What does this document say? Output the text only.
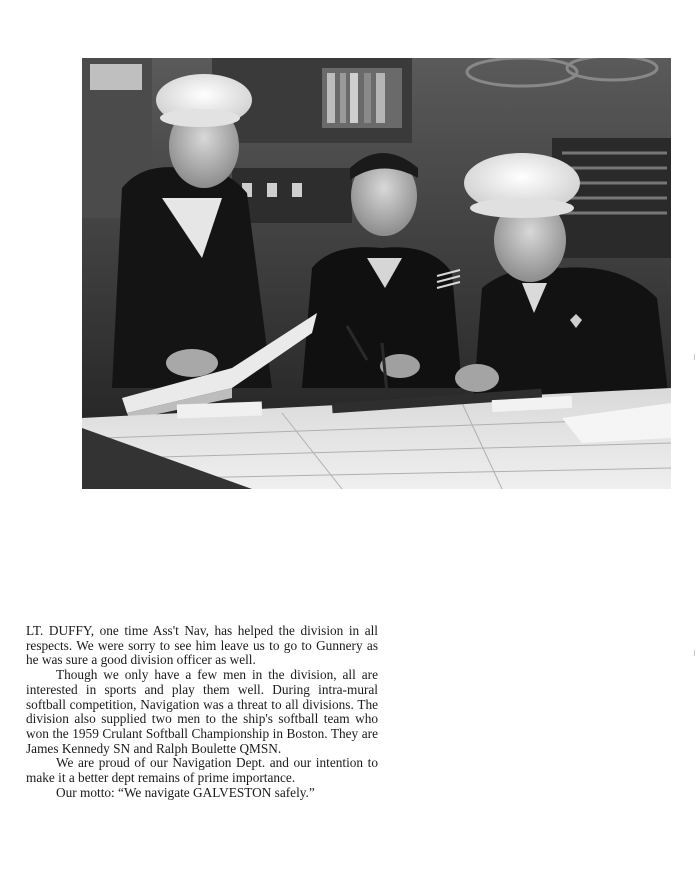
LT. DUFFY, one time Ass't Nav, has helped the division in all respects. We were sorry to see him leave us to go to Gunnery as he was sure a good division officer as well.

Though we only have a few men in the division, all are interested in sports and play them well. During intra-mural softball competition, Navigation was a threat to all divisions. The division also supplied two men to the ship's softball team who won the 1959 Crulant Softball Championship in Boston. They are James Kennedy SN and Ralph Boulette QMSN.

We are proud of our Navigation Dept. and our intention to make it a better dept remains of prime importance.

Our motto: “We navigate GALVESTON safely.”
